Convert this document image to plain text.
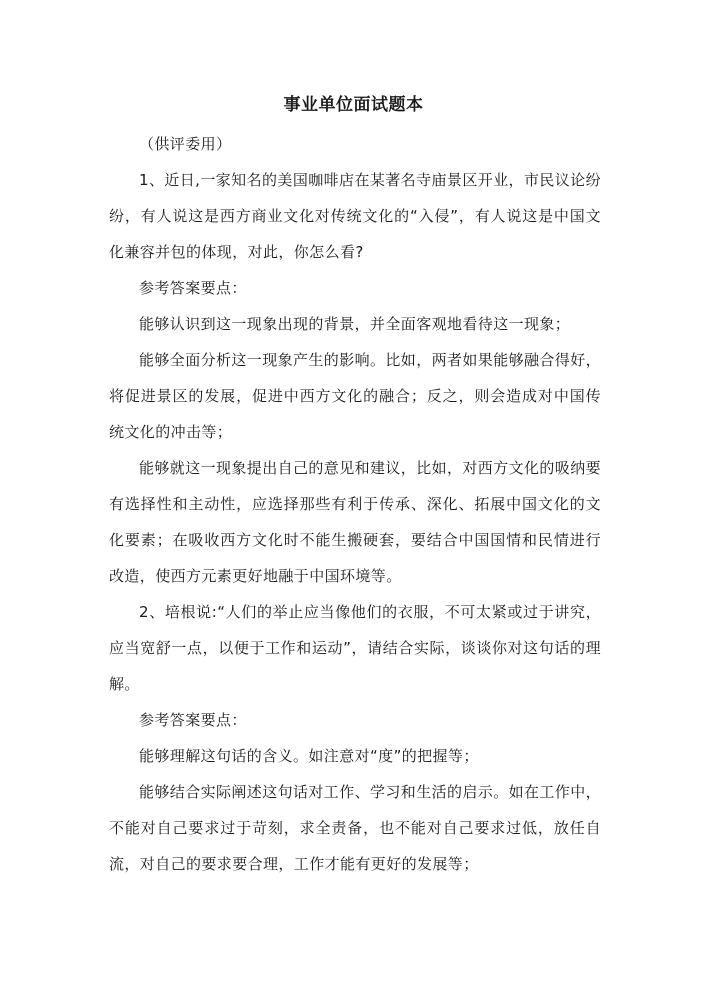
事业单位面试题本

（供评委用）

1、近日,一家知名的美国咖啡店在某著名寺庙景区开业，市民议论纷纷，有人说这是西方商业文化对传统文化的“入侵”，有人说这是中国文化兼容并包的体现，对此，你怎么看?

参考答案要点：

能够认识到这一现象出现的背景，并全面客观地看待这一现象；

能够全面分析这一现象产生的影响。比如，两者如果能够融合得好，将促进景区的发展，促进中西方文化的融合；反之，则会造成对中国传统文化的冲击等；

能够就这一现象提出自己的意见和建议，比如，对西方文化的吸纳要有选择性和主动性，应选择那些有利于传承、深化、拓展中国文化的文化要素；在吸收西方文化时不能生搬硬套，要结合中国国情和民情进行改造，使西方元素更好地融于中国环境等。

2、培根说:“人们的举止应当像他们的衣服，不可太紧或过于讲究，应当宽舒一点，以便于工作和运动”，请结合实际，谈谈你对这句话的理解。

参考答案要点：

能够理解这句话的含义。如注意对“度”的把握等；

能够结合实际阐述这句话对工作、学习和生活的启示。如在工作中，不能对自己要求过于苛刻，求全责备，也不能对自己要求过低，放任自流，对自己的要求要合理，工作才能有更好的发展等；
